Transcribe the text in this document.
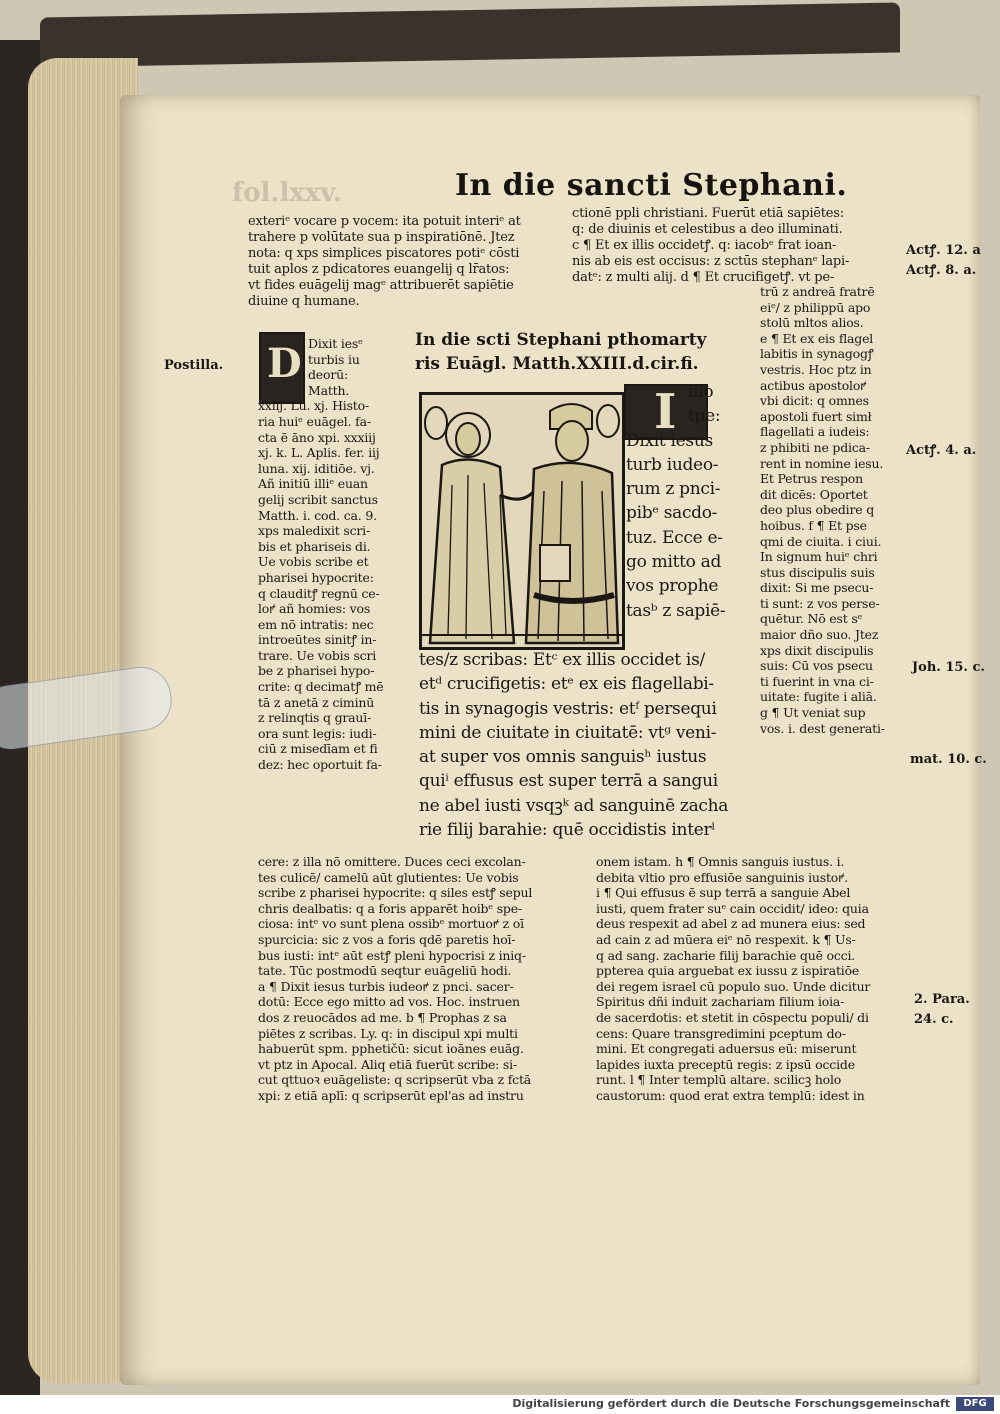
fol.lxxv.	In die sancti Stephani.

exteriᵉ vocare p vocem: ita potuit interiᵉ at

trahere p volūtate sua p inspiratiōnē. Jtez

nota: q xps simplices piscatores potiᵉ cōsti

tuit aplos z pdicatores euangelij q lr̄atos:

vt fides euāgelij magᵉ attribuerēt sapiētie

diuine q humane.

ctionē ppli christiani. Fuerūt etiā sapiētes:

q: de diuinis et celestibus a deo illuminati.

c ¶ Et ex illis occidetꝭ. q: iacobᵉ frat ioan-

nis ab eis est occisus: z sctūs stephanᵉ lapi-

datᵉ: z multi alij. d ¶ Et crucifigetꝭ. vt pe-

In die scti Stephani pthomarty
ris Euāgl. Matth.XXIII.d.cir.fi.
D
I

Dixit iesᵉ

turbis iu

deorū:

Matth.

xxiij. Lu. xj. Histo-

ria huiᵉ euāgel. fa-

cta ē āno xpi. xxxiij

xj. k. L. Aplis. fer. iij

luna. xij. iditiōe. vj.

Añ initiū illiᵉ euan

gelij scribit sanctus

Matth. i. cod. ca. 9.

xps maledixit scri-

bis et phariseis di.

Ue vobis scribe et

pharisei hypocrite:

q clauditꝭ regnū ce-

loꝵ añ homies: vos

em nō intratis: nec

introeūtes sinitꝭ in-

trare. Ue vobis scri

be z pharisei hypo-

crite: q decimatꝭ mē

tā z anetā z ciminū

z relinqtis q grauī-

ora sunt legis: iudi-

ciū z misedīam et fi

dez: hec oportuit fa-

illo

tpe:

Dixit iesus

turb iudeo-

rum z pnci-

pibᵉ sacdo-

tuz. Ecce e-

go mitto ad

vos prophe

tasᵇ z sapiē-

tes/z scribas: Etᶜ ex illis occidet is/

etᵈ crucifigetis: etᵉ ex eis flagellabi-

tis in synagogis vestris: etᶠ persequi

mini de ciuitate in ciuitatē: vtᵍ veni-

at super vos omnis sanguisʰ iustus

quiⁱ effusus est super terrā a sangui

ne abel iusti vsqꝫᵏ ad sanguinē zacha

rie filij barahie: quē occidistis interˡ

trū z andreā fratrē

eiᵉ/ z philippū apo

stolū mltos alios.

e ¶ Et ex eis flagel

labitis in synagogꝭ

vestris. Hoc ptz in

actibus apostoloꝵ

vbi dicit: q omnes

apostoli fuert simł

flagellati a iudeis:

z phibiti ne pdica-

rent in nomine iesu.

Et Petrus respon

dit dicēs: Oportet

deo plus obedire q

hoibus. f ¶ Et pse

qmi de ciuita. i ciui.

In signum huiᵉ chri

stus discipulis suis

dixit: Si me psecu-

ti sunt: z vos perse-

quētur. Nō est sᵉ

maior dño suo. Jtez

xps dixit discipulis

suis: Cū vos psecu

ti fuerint in vna ci-

uitate: fugite i aliā.

g ¶ Ut veniat sup

vos. i. dest generati-

cere: z illa nō omittere. Duces ceci excolan-

tes culicē/ camelū aūt glutientes: Ue vobis

scribe z pharisei hypocrite: q siles estꝭ sepul

chris dealbatis: q a foris apparēt hoibᵉ spe-

ciosa: intᵉ vo sunt plena ossibᵉ mortuoꝵ z oī

spurcicia: sic z vos a foris qdē paretis hoī-

bus iusti: intᵉ aūt estꝭ pleni hypocrisi z iniq-

tate. Tūc postmodū seqtur euāgeliū hodi.

a ¶ Dixit iesus turbis iudeoꝵ z pnci. sacer-

dotū: Ecce ego mitto ad vos. Hoc. instruen

dos z reuocādos ad me. b ¶ Prophas z sa

piētes z scribas. Ly. q: in discipul xpi multi

habuerūt spm. pphetičū: sicut ioānes euāg.

vt ptz in Apocal. Aliq etiā fuerūt scribe: si-

cut qttuoꝛ euāgeliste: q scripserūt vba z fctā

xpi: z etiā aplī: q scripserūt epl'as ad instru

onem istam. h ¶ Omnis sanguis iustus. i.

debita vltio pro effusiōe sanguinis iustoꝵ.

i ¶ Qui effusus ē sup terrā a sanguie Abel

iusti, quem frater suᵉ cain occidit/ ideo: quia

deus respexit ad abel z ad munera eius: sed

ad cain z ad mūera eiᵉ nō respexit. k ¶ Us-

q ad sang. zacharie filij barachie quē occi.

ppterea quia arguebat ex iussu z ispiratiōe

dei regem israel cū populo suo. Unde dicitur

Spiritus dñi induit zachariam filium ioia-

de sacerdotis: et stetit in cōspectu populi/ di

cens: Quare transgredimini pceptum do-

mini. Et congregati aduersus eū: miserunt

lapides iuxta preceptū regis: z ipsū occide

runt. l ¶ Inter templū altare. scilicꝫ holo

caustorum: quod erat extra templū: idest in

Postilla.
Actꝭ. 12. a
Actꝭ. 8. a.
Actꝭ. 4. a.
Joh. 15. c.
mat. 10. c.
2. Para.
24. c.
Digitalisierung gefördert durch die Deutsche Forschungsgemeinschaft	DFG
